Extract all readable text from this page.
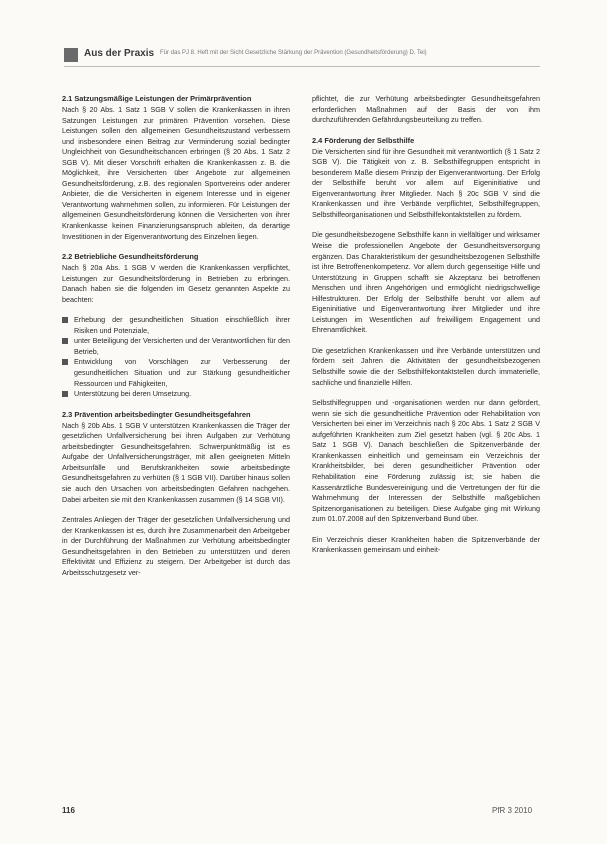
Aus der Praxis Für das PJ 8. Heft mit der Sicht Gesetzliche Stärkung der Prävention (Gesundheitsförderung) D. Tei)
2.1 Satzungsmäßige Leistungen der Primärprävention

Nach § 20 Abs. 1 Satz 1 SGB V sollen die Krankenkassen in ihren Satzungen Leistungen zur primären Prävention vorsehen. Diese Leistungen sollen den allgemeinen Gesundheitszustand verbessern und insbesondere einen Beitrag zur Verminderung sozial bedingter Ungleichheit von Gesundheitschancen erbringen (§ 20 Abs. 1 Satz 2 SGB V). Mit dieser Vorschrift erhalten die Krankenkassen z. B. die Möglichkeit, ihre Versicherten über Angebote zur allgemeinen Gesundheitsförderung, z.B. des regionalen Sportvereins oder anderer Anbieter, die die Versicherten in eigenem Interesse und in eigener Verantwortung wahrnehmen sollen, zu informieren. Für Leistungen der allgemeinen Gesundheitsförderung können die Versicherten von ihrer Krankenkasse keinen Finanzierungsanspruch ableiten, da derartige Investitionen in der Eigenverantwortung des Einzelnen liegen.

2.2 Betriebliche Gesundheitsförderung

Nach § 20a Abs. 1 SGB V werden die Krankenkassen verpflichtet, Leistungen zur Gesundheitsförderung in Betrieben zu erbringen. Danach haben sie die folgenden im Gesetz genannten Aspekte zu beachten:

Erhebung der gesundheitlichen Situation einschließlich ihrer Risiken und Potenziale,
unter Beteiligung der Versicherten und der Verantwortlichen für den Betrieb,
Entwicklung von Vorschlägen zur Verbesserung der gesundheitlichen Situation und zur Stärkung gesundheitlicher Ressourcen und Fähigkeiten,
Unterstützung bei deren Umsetzung.
2.3 Prävention arbeitsbedingter Gesundheitsgefahren

Nach § 20b Abs. 1 SGB V unterstützen Krankenkassen die Träger der gesetzlichen Unfallversicherung bei ihren Aufgaben zur Verhütung arbeitsbedingter Gesundheitsgefahren. Schwerpunktmäßig ist es Aufgabe der Unfallversicherungsträger, mit allen geeigneten Mitteln Arbeitsunfälle und Berufskrankheiten sowie arbeitsbedingte Gesundheitsgefahren zu verhüten (§ 1 SGB VII). Darüber hinaus sollen sie auch den Ursachen von arbeitsbedingten Gefahren nachgehen. Dabei arbeiten sie mit den Krankenkassen zusammen (§ 14 SGB VII).

Zentrales Anliegen der Träger der gesetzlichen Unfallversicherung und der Krankenkassen ist es, durch ihre Zusammenarbeit den Arbeitgeber in der Durchführung der Maßnahmen zur Verhütung arbeitsbedingter Gesundheitsgefahren in den Betrieben zu unterstützen und deren Effektivität und Effizienz zu steigern. Der Arbeitgeber ist durch das Arbeitsschutzgesetz ver-

pflichtet, die zur Verhütung arbeitsbedingter Gesundheitsgefahren erforderlichen Maßnahmen auf der Basis der von ihm durchzuführenden Gefährdungsbeurteilung zu treffen.

2.4 Förderung der Selbsthilfe

Die Versicherten sind für ihre Gesundheit mit verantwortlich (§ 1 Satz 2 SGB V). Die Tätigkeit von z. B. Selbsthilfegruppen entspricht in besonderem Maße diesem Prinzip der Eigenverantwortung. Der Erfolg der Selbsthilfe beruht vor allem auf Eigeninitiative und Eigenverantwortung ihrer Mitglieder. Nach § 20c SGB V sind die Krankenkassen und ihre Verbände verpflichtet, Selbsthilfegruppen, Selbsthilfeorganisationen und Selbsthilfekontaktstellen zu fördern.

Die gesundheitsbezogene Selbsthilfe kann in vielfältiger und wirksamer Weise die professionellen Angebote der Gesundheitsversorgung ergänzen. Das Charakteristikum der gesundheitsbezogenen Selbsthilfe ist ihre Betroffenenkompetenz. Vor allem durch gegenseitige Hilfe und Unterstützung in Gruppen schafft sie Akzeptanz bei betroffenen Menschen und ihren Angehörigen und ermöglicht niedrigschwellige Hilfestrukturen. Der Erfolg der Selbsthilfe beruht vor allem auf Eigeninitiative und Eigenverantwortung ihrer Mitglieder und ihre Leistungen im Wesentlichen auf freiwilligem Engagement und Ehrenamtlichkeit.

Die gesetzlichen Krankenkassen und ihre Verbände unterstützen und fördern seit Jahren die Aktivitäten der gesundheitsbezogenen Selbsthilfe sowie die der Selbsthilfekontaktstellen durch immaterielle, sachliche und finanzielle Hilfen.

Selbsthilfegruppen und -organisationen werden nur dann gefördert, wenn sie sich die gesundheitliche Prävention oder Rehabilitation von Versicherten bei einer im Verzeichnis nach § 20c Abs. 1 Satz 2 SGB V aufgeführten Krankheiten zum Ziel gesetzt haben (vgl. § 20c Abs. 1 Satz 1 SGB V). Danach beschließen die Spitzenverbände der Krankenkassen einheitlich und gemeinsam ein Verzeichnis der Krankheitsbilder, bei deren gesundheitlicher Prävention oder Rehabilitation eine Förderung zulässig ist; sie haben die Kassenärztliche Bundesvereinigung und die Vertretungen der für die Wahrnehmung der Interessen der Selbsthilfe maßgeblichen Spitzenorganisationen zu beteiligen. Diese Aufgabe ging mit Wirkung zum 01.07.2008 auf den Spitzenverband Bund über.

Ein Verzeichnis dieser Krankheiten haben die Spitzenverbände der Krankenkassen gemeinsam und einheit-

116	PfR 3 2010
